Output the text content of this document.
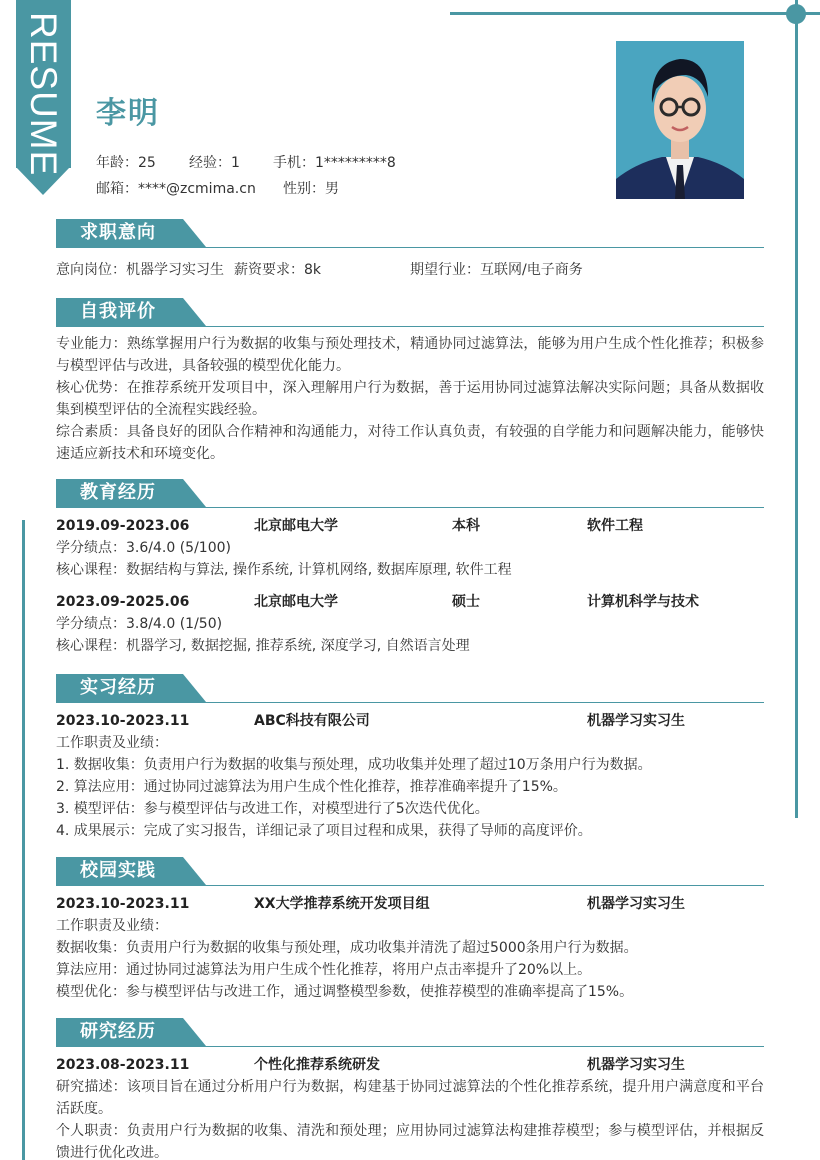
RESUME 李明
年龄：25 经验：1 手机：1*********8
邮箱：****@zcmima.cn 性别：男
求职意向
意向岗位：机器学习实习生 薪资要求：8k	期望行业：互联网/电子商务
自我评价
专业能力：熟练掌握用户行为数据的收集与预处理技术，精通协同过滤算法，能够为用户生成个性化推荐；积极参与模型评估与改进，具备较强的模型优化能力。
核心优势：在推荐系统开发项目中，深入理解用户行为数据，善于运用协同过滤算法解决实际问题；具备从数据收集到模型评估的全流程实践经验。
综合素质：具备良好的团队合作精神和沟通能力，对待工作认真负责，有较强的自学能力和问题解决能力，能够快速适应新技术和环境变化。
教育经历
2019.09-2023.06	北京邮电大学	本科	软件工程
学分绩点：3.6/4.0 (5/100)
核心课程：数据结构与算法, 操作系统, 计算机网络, 数据库原理, 软件工程
2023.09-2025.06	北京邮电大学	硕士	计算机科学与技术
学分绩点：3.8/4.0 (1/50)
核心课程：机器学习, 数据挖掘, 推荐系统, 深度学习, 自然语言处理
实习经历
2023.10-2023.11	ABC科技有限公司	机器学习实习生
工作职责及业绩：
1. 数据收集：负责用户行为数据的收集与预处理，成功收集并处理了超过10万条用户行为数据。
2. 算法应用：通过协同过滤算法为用户生成个性化推荐，推荐准确率提升了15%。
3. 模型评估：参与模型评估与改进工作，对模型进行了5次迭代优化。
4. 成果展示：完成了实习报告，详细记录了项目过程和成果，获得了导师的高度评价。
校园实践
2023.10-2023.11	XX大学推荐系统开发项目组	机器学习实习生
工作职责及业绩：
数据收集：负责用户行为数据的收集与预处理，成功收集并清洗了超过5000条用户行为数据。
算法应用：通过协同过滤算法为用户生成个性化推荐，将用户点击率提升了20%以上。
模型优化：参与模型评估与改进工作，通过调整模型参数，使推荐模型的准确率提高了15%。
研究经历
2023.08-2023.11	个性化推荐系统研发	机器学习实习生
研究描述：该项目旨在通过分析用户行为数据，构建基于协同过滤算法的个性化推荐系统，提升用户满意度和平台活跃度。
个人职责：负责用户行为数据的收集、清洗和预处理；应用协同过滤算法构建推荐模型；参与模型评估，并根据反馈进行优化改进。
